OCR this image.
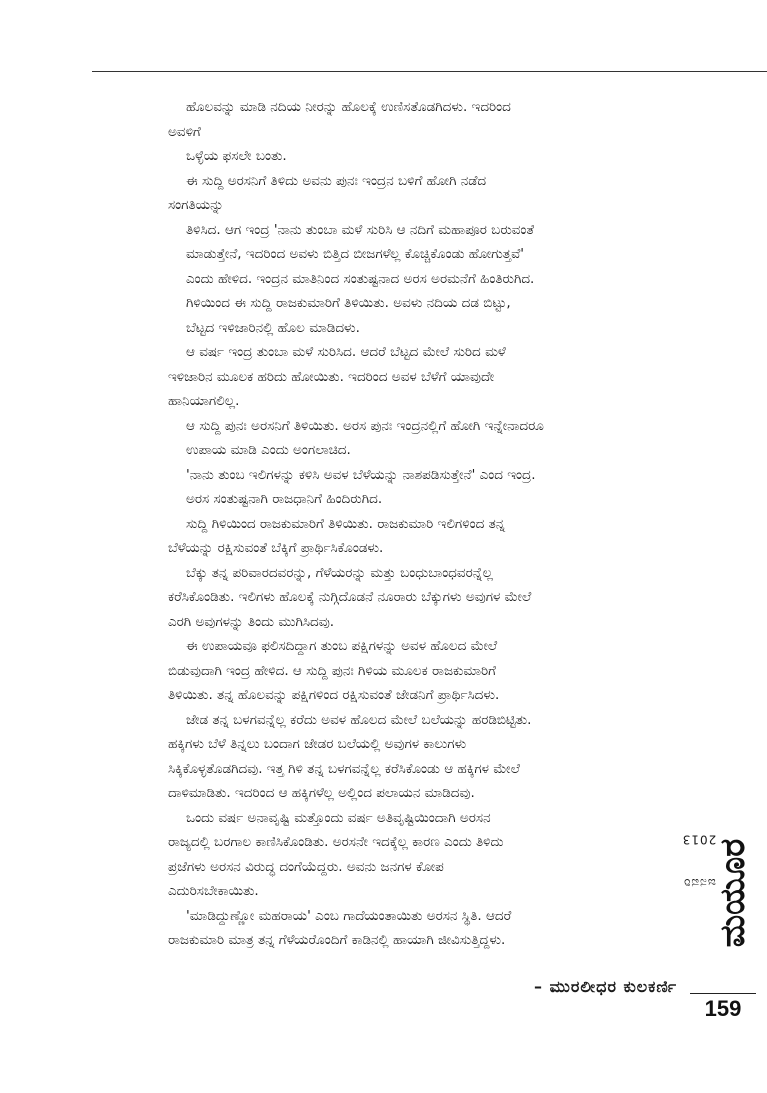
ಹೊಲವನ್ನು ಮಾಡಿ ನದಿಯ ನೀರನ್ನು ಹೊಲಕ್ಕೆ ಉಣಿಸತೊಡಗಿದಳು. ಇದರಿಂದ
ಅವಳಿಗೆ
ಒಳ್ಳೆಯ ಫಸಲೇ ಬಂತು.
ಈ ಸುದ್ದಿ ಅರಸನಿಗೆ ತಿಳಿದು ಅವನು ಪುನಃ ಇಂದ್ರನ ಬಳಿಗೆ ಹೋಗಿ ನಡೆದ
ಸಂಗತಿಯನ್ನು
ತಿಳಿಸಿದ. ಆಗ ಇಂದ್ರ 'ನಾನು ತುಂಬಾ ಮಳೆ ಸುರಿಸಿ ಆ ನದಿಗೆ ಮಹಾಪೂರ ಬರುವಂತೆ
ಮಾಡುತ್ತೇನೆ, ಇದರಿಂದ ಅವಳು ಬಿತ್ತಿದ ಬೀಜಗಳೆಲ್ಲ ಕೊಚ್ಚಿಕೊಂಡು ಹೋಗುತ್ತವೆ'
ಎಂದು ಹೇಳಿದ. ಇಂದ್ರನ ಮಾತಿನಿಂದ ಸಂತುಷ್ಟನಾದ ಅರಸ ಅರಮನೆಗೆ ಹಿಂತಿರುಗಿದ.
ಗಿಳಿಯಿಂದ ಈ ಸುದ್ದಿ ರಾಜಕುಮಾರಿಗೆ ತಿಳಿಯಿತು. ಅವಳು ನದಿಯ ದಡ ಬಿಟ್ಟು,
ಬೆಟ್ಟದ ಇಳಿಜಾರಿನಲ್ಲಿ ಹೊಲ ಮಾಡಿದಳು.
ಆ ವರ್ಷ ಇಂದ್ರ ತುಂಬಾ ಮಳೆ ಸುರಿಸಿದ. ಆದರೆ ಬೆಟ್ಟದ ಮೇಲೆ ಸುರಿದ ಮಳೆ
ಇಳಿಜಾರಿನ ಮೂಲಕ ಹರಿದು ಹೋಯಿತು. ಇದರಿಂದ ಅವಳ ಬೆಳೆಗೆ ಯಾವುದೇ
ಹಾನಿಯಾಗಲಿಲ್ಲ.
ಆ ಸುದ್ದಿ ಪುನಃ ಅರಸನಿಗೆ ತಿಳಿಯಿತು. ಅರಸ ಪುನಃ ಇಂದ್ರನಲ್ಲಿಗೆ ಹೋಗಿ ಇನ್ನೇನಾದರೂ
ಉಪಾಯ ಮಾಡಿ ಎಂದು ಅಂಗಲಾಚಿದ.
'ನಾನು ತುಂಬ ಇಲಿಗಳನ್ನು ಕಳಿಸಿ ಅವಳ ಬೆಳೆಯನ್ನು ನಾಶಪಡಿಸುತ್ತೇನೆ' ಎಂದ ಇಂದ್ರ.
ಅರಸ ಸಂತುಷ್ಟನಾಗಿ ರಾಜಧಾನಿಗೆ ಹಿಂದಿರುಗಿದ.
ಸುದ್ದಿ ಗಿಳಿಯಿಂದ ರಾಜಕುಮಾರಿಗೆ ತಿಳಿಯಿತು. ರಾಜಕುಮಾರಿ ಇಲಿಗಳಿಂದ ತನ್ನ
ಬೆಳೆಯನ್ನು ರಕ್ಷಿಸುವಂತೆ ಬೆಕ್ಕಿಗೆ ಪ್ರಾರ್ಥಿಸಿಕೊಂಡಳು.
ಬೆಕ್ಕು ತನ್ನ ಪರಿವಾರದವರನ್ನು, ಗೆಳೆಯರನ್ನು ಮತ್ತು ಬಂಧುಬಾಂಧವರನ್ನೆಲ್ಲ
ಕರೆಸಿಕೊಂಡಿತು. ಇಲಿಗಳು ಹೊಲಕ್ಕೆ ನುಗ್ಗಿದೊಡನೆ ನೂರಾರು ಬೆಕ್ಕುಗಳು ಅವುಗಳ ಮೇಲೆ
ಎರಗಿ ಅವುಗಳನ್ನು ತಿಂದು ಮುಗಿಸಿದವು.
ಈ ಉಪಾಯವೂ ಫಲಿಸದಿದ್ದಾಗ ತುಂಬ ಪಕ್ಷಿಗಳನ್ನು ಅವಳ ಹೊಲದ ಮೇಲೆ
ಬಿಡುವುದಾಗಿ ಇಂದ್ರ ಹೇಳಿದ. ಆ ಸುದ್ದಿ ಪುನಃ ಗಿಳಿಯ ಮೂಲಕ ರಾಜಕುಮಾರಿಗೆ
ತಿಳಿಯಿತು. ತನ್ನ ಹೊಲವನ್ನು ಪಕ್ಷಿಗಳಿಂದ ರಕ್ಷಿಸುವಂತೆ ಜೇಡನಿಗೆ ಪ್ರಾರ್ಥಿಸಿದಳು.
ಜೇಡ ತನ್ನ ಬಳಗವನ್ನೆಲ್ಲ ಕರೆದು ಅವಳ ಹೊಲದ ಮೇಲೆ ಬಲೆಯನ್ನು ಹರಡಿಬಿಟ್ಟಿತು.
ಹಕ್ಕಿಗಳು ಬೆಳೆ ತಿನ್ನಲು ಬಂದಾಗ ಜೇಡರ ಬಲೆಯಲ್ಲಿ ಅವುಗಳ ಕಾಲುಗಳು
ಸಿಕ್ಕಿಕೊಳ್ಳತೊಡಗಿದವು. ಇತ್ತ ಗಿಳಿ ತನ್ನ ಬಳಗವನ್ನೆಲ್ಲ ಕರೆಸಿಕೊಂಡು ಆ ಹಕ್ಕಿಗಳ ಮೇಲೆ
ದಾಳಿಮಾಡಿತು. ಇದರಿಂದ ಆ ಹಕ್ಕಿಗಳೆಲ್ಲ ಅಲ್ಲಿಂದ ಪಲಾಯನ ಮಾಡಿದವು.
ಒಂದು ವರ್ಷ ಅನಾವೃಷ್ಟಿ ಮತ್ತೊಂದು ವರ್ಷ ಅತಿವೃಷ್ಟಿಯಿಂದಾಗಿ ಅರಸನ
ರಾಜ್ಯದಲ್ಲಿ ಬರಗಾಲ ಕಾಣಿಸಿಕೊಂಡಿತು. ಅರಸನೇ ಇದಕ್ಕೆಲ್ಲ ಕಾರಣ ಎಂದು ತಿಳಿದು
ಪ್ರಜೆಗಳು ಅರಸನ ವಿರುದ್ಧ ದಂಗೆಯೆದ್ದರು. ಅವನು ಜನಗಳ ಕೋಪ
ಎದುರಿಸಬೇಕಾಯಿತು.
'ಮಾಡಿದ್ದುಣ್ಣೋ ಮಹರಾಯ' ಎಂಬ ಗಾದೆಯಂತಾಯಿತು ಅರಸನ ಸ್ಥಿತಿ. ಆದರೆ
ರಾಜಕುಮಾರಿ ಮಾತ್ರ ತನ್ನ ಗೆಳೆಯರೊಂದಿಗೆ ಕಾಡಿನಲ್ಲಿ ಹಾಯಾಗಿ ಜೀವಿಸುತ್ತಿದ್ದಳು.
– ಮುರಲೀಧರ ಕುಲಕರ್ಣಿ
ಜನವರಿ  2013
ಮಯೂರ
159
